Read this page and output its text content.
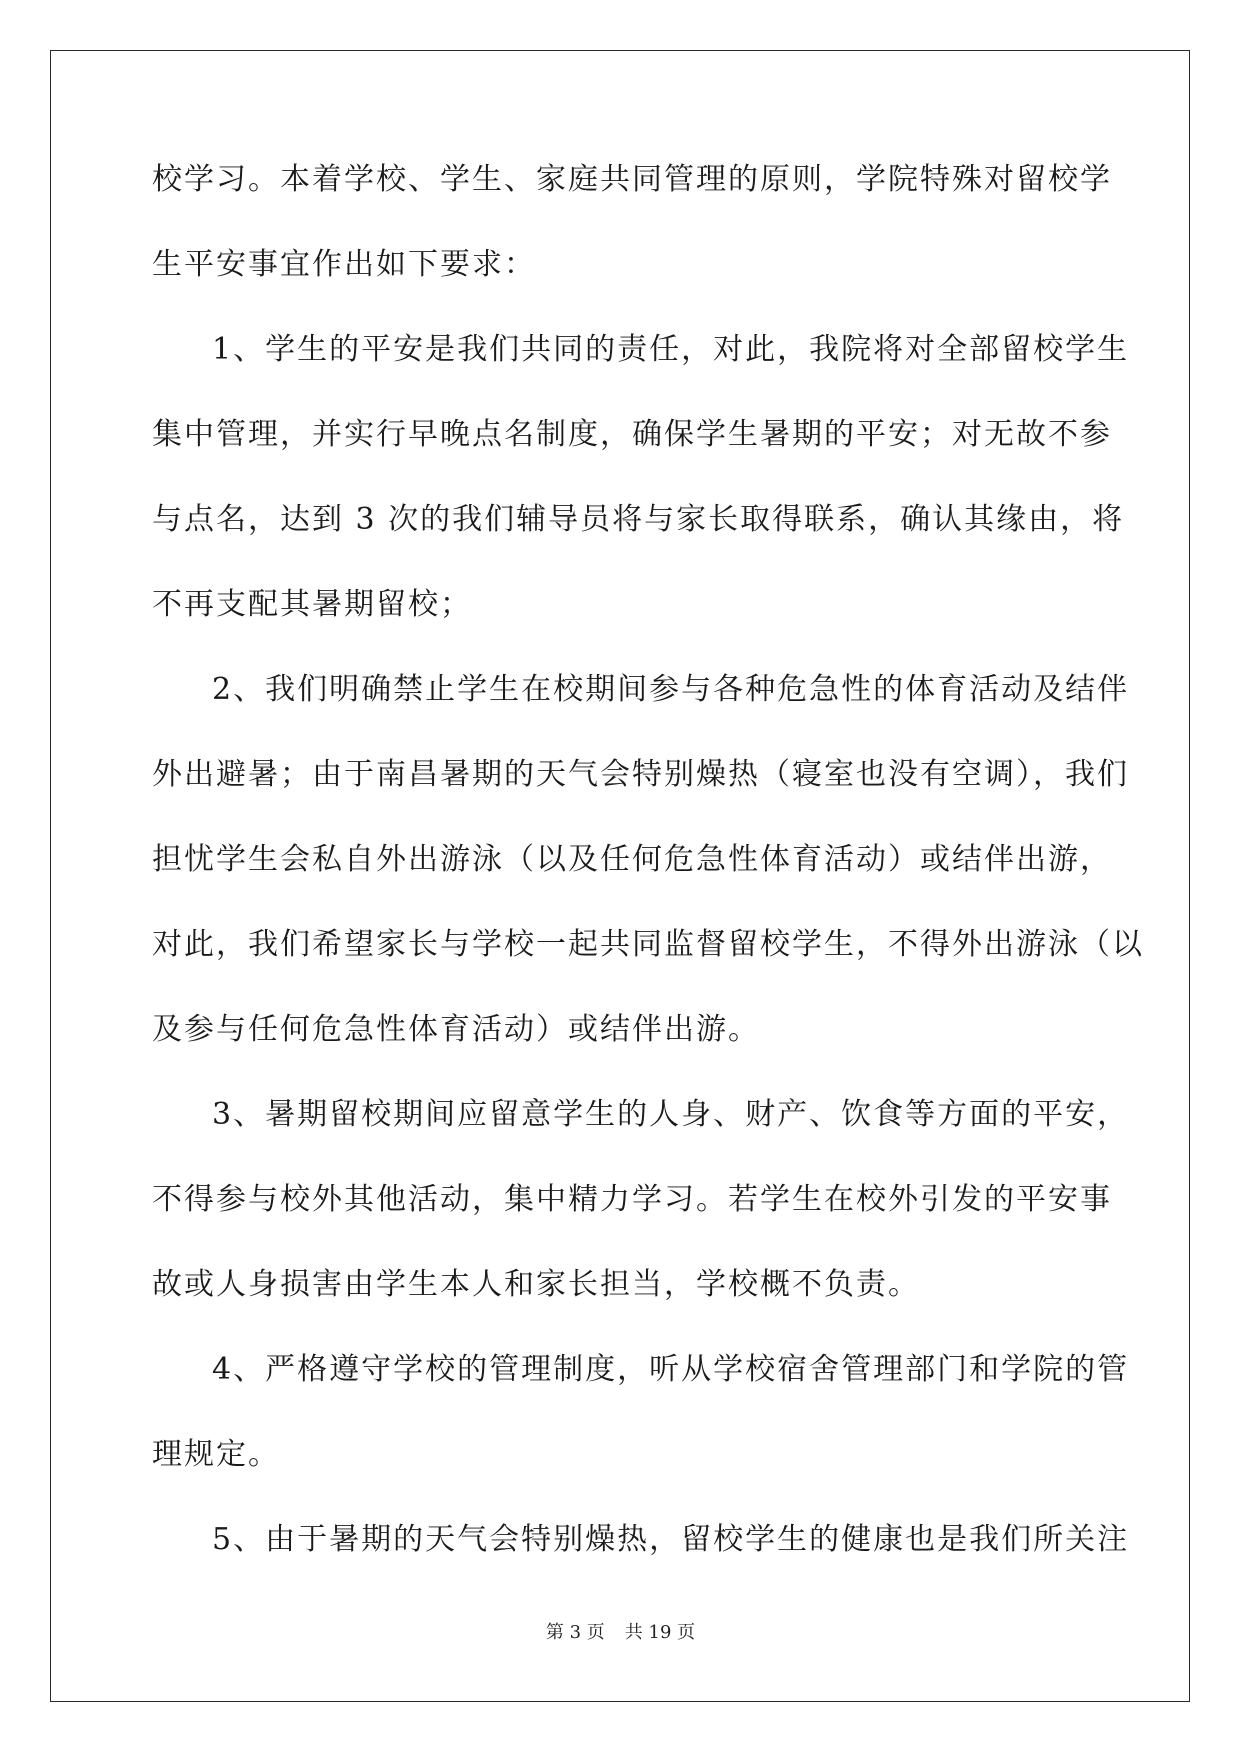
校学习。本着学校、学生、家庭共同管理的原则，学院特殊对留校学
生平安事宜作出如下要求：
1、学生的平安是我们共同的责任，对此，我院将对全部留校学生
集中管理，并实行早晚点名制度，确保学生暑期的平安；对无故不参
与点名，达到 3 次的我们辅导员将与家长取得联系，确认其缘由，将
不再支配其暑期留校；
2、我们明确禁止学生在校期间参与各种危急性的体育活动及结伴
外出避暑；由于南昌暑期的天气会特别燥热（寝室也没有空调），我们
担忧学生会私自外出游泳（以及任何危急性体育活动）或结伴出游，
对此，我们希望家长与学校一起共同监督留校学生，不得外出游泳（以
及参与任何危急性体育活动）或结伴出游。
3、暑期留校期间应留意学生的人身、财产、饮食等方面的平安，
不得参与校外其他活动，集中精力学习。若学生在校外引发的平安事
故或人身损害由学生本人和家长担当，学校概不负责。
4、严格遵守学校的管理制度，听从学校宿舍管理部门和学院的管
理规定。
5、由于暑期的天气会特别燥热，留校学生的健康也是我们所关注
第 3 页 共 19 页
